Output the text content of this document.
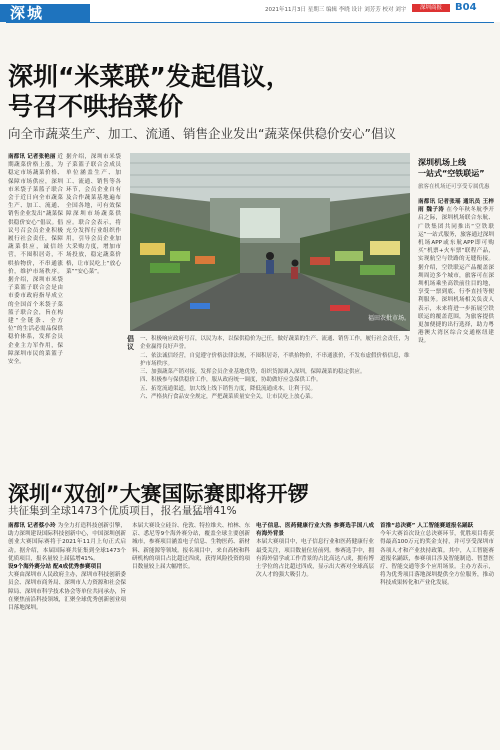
深城	2021年11月3日 星期三 编辑 李晓 设计 刘芳芳 校对 刘宇	深圳商报	B04
深圳“米菜联”发起倡议，
号召不哄抬菜价
向全市蔬菜生产、加工、流通、销售企业发出“蔬菜保供稳价安心”倡议
南都讯 记者张艳丽 近期蔬菜价格上涨，为稳定市场蔬菜价格、保障市场供应，深圳市米袋子菜篮子联合会于近日向全市蔬菜生产、加工、流通、销售企业发出“蔬菜保供稳价安心”倡议。倡议号召会员企业积极履行社会责任，保障蔬菜供应，诚信经营，不囤积居奇，不哄抬物价，不串通涨价，维护市场秩序。据介绍，深圳市米袋子菜篮子联合会是由市委市政府指导成立的全国首个米袋子菜篮子联合会，旨在构建“全链条、全方位”的生活必需品保供稳价体系，发挥会员企业主力军作用，保障深圳市民的菜篮子安全。
据介绍，深圳市米袋子菜篮子联合会成员单位涵盖生产、加工、流通、销售等各环节，会员企业自有及合作蔬菜基地遍布全国各地，可有效保障深圳市场蔬菜供应。联合会表示，将充分发挥行业组织作用，引导会员企业加大采购力度，增加市场投放，稳定蔬菜价格，让市民吃上“放心菜”“安心菜”。
福田农批市场。
倡议
一、积极响应政府号召，以民为本，以保供稳价为己任，做好蔬菜的生产、流通、销售工作，履行社会责任，为企业赢得良好声誉。
二、依法诚信经营，自觉遵守价格法律法规，不囤积居奇，不哄抬物价，不串通涨价，不发布虚假价格信息，维护市场秩序。
三、加强蔬菜产销对接，发挥会员企业基地优势，组织货源调入深圳，保障蔬菜的稳定供应。
四、积极参与保供稳价工作，服从政府统一调度，协助做好应急保供工作。
五、拓宽流通渠道，加大线上线下销售力度，降低流通成本，让利于民。
六、严格执行食品安全规定，严把蔬菜质量安全关，让市民吃上放心菜。
深圳机场上线
一站式“空铁联运”
旅客在机场还可享受专属优惠
南都讯 记者张瑶 通讯员 王梓雨 魏子涛 在今年秋冬航季开启之际，深圳机场联合东航、广铁集团共同推出“空铁联运”一站式服务，旅客通过深圳机场APP或东航APP即可购买“机票+火车票”联程产品，实现航空与铁路的无缝衔接。据介绍，空铁联运产品覆盖深圳周边多个城市，旅客可在深圳机场乘坐高铁前往目的地，享受一票到底、行李直挂等便利服务。深圳机场相关负责人表示，未来将进一步拓展空铁联运的覆盖范围，为旅客提供更加便捷的出行选择，助力粤港澳大湾区综合交通枢纽建设。
深圳“双创”大赛国际赛即将开锣
共征集到全球1473个优质项目，报名量猛增41%
南都讯 记者蔡小玲 为全力打造科技创新引擎，助力深圳建设国际科技创新中心，中国深圳创新创业大赛国际赛将于2021年11月上旬正式启动。据介绍，本届国际赛共征集到全球1473个优质项目，报名量较上届猛增41%。
设9个海外赛分站 配4成优秀参赛项目
大赛由深圳市人民政府主办，深圳市科技创新委员会、深圳市商务局、深圳市人力资源和社会保障局、深圳市科学技术协会等单位共同承办，旨在聚焦前沿科技领域，汇聚全球优秀创新创业项目落地深圳。
本届大赛设立硅谷、伦敦、特拉维夫、柏林、东京、悉尼等9个海外赛分站，覆盖全球主要创新城市，参赛项目涵盖电子信息、生物医药、新材料、新能源等领域。报名项目中，来自高校和科研机构的项目占比超过四成，获得风险投资的项目数量较上届大幅增长。
电子信息、医药健康行业大热 参赛选手国八成有海外背景
本届大赛项目中，电子信息行业和医药健康行业最受关注，项目数量位居前列。参赛选手中，拥有海外留学或工作背景的占比高达八成，拥有博士学位的占比超过四成，显示出大赛对全球高层次人才的强大吸引力。
首推“总决赛” 人工智能赛道报名踊跃
今年大赛首次设立总决赛环节，优胜项目将获得最高100万元的奖金支持，并可享受深圳市各项人才和产业扶持政策。其中，人工智能赛道报名踊跃，参赛项目涉及智能制造、智慧医疗、智能交通等多个应用场景。主办方表示，将为优秀项目落地深圳提供全方位服务，推动科技成果转化和产业化发展。
